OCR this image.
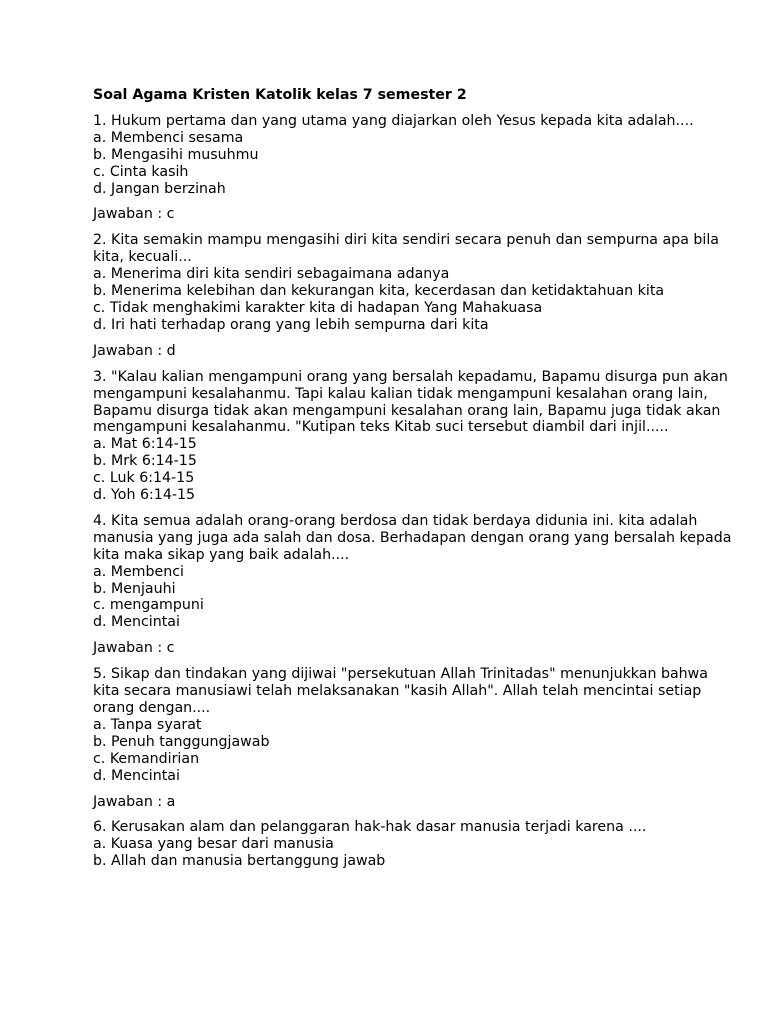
Soal Agama Kristen Katolik kelas 7 semester 2

1. Hukum pertama dan yang utama yang diajarkan oleh Yesus kepada kita adalah....

a. Membenci sesama

b. Mengasihi musuhmu

c. Cinta kasih

d. Jangan berzinah

Jawaban : c

2. Kita semakin mampu mengasihi diri kita sendiri secara penuh dan sempurna apa bila kita, kecuali...

a. Menerima diri kita sendiri sebagaimana adanya

b. Menerima kelebihan dan kekurangan kita, kecerdasan dan ketidaktahuan kita

c. Tidak menghakimi karakter kita di hadapan Yang Mahakuasa

d. Iri hati terhadap orang yang lebih sempurna dari kita

Jawaban : d

3. "Kalau kalian mengampuni orang yang bersalah kepadamu, Bapamu disurga pun akan mengampuni kesalahanmu. Tapi kalau kalian tidak mengampuni kesalahan orang lain, Bapamu disurga tidak akan mengampuni kesalahan orang lain, Bapamu juga tidak akan mengampuni kesalahanmu. "Kutipan teks Kitab suci tersebut diambil dari injil.....

a. Mat 6:14-15

b. Mrk 6:14-15

c. Luk 6:14-15

d. Yoh 6:14-15

4. Kita semua adalah orang-orang berdosa dan tidak berdaya didunia ini. kita adalah manusia yang juga ada salah dan dosa. Berhadapan dengan orang yang bersalah kepada kita maka sikap yang baik adalah....

a. Membenci

b. Menjauhi

c. mengampuni

d. Mencintai

Jawaban : c

5. Sikap dan tindakan yang dijiwai "persekutuan Allah Trinitadas" menunjukkan bahwa kita secara manusiawi telah melaksanakan "kasih Allah". Allah telah mencintai setiap orang dengan....

a. Tanpa syarat

b. Penuh tanggungjawab

c. Kemandirian

d. Mencintai

Jawaban : a

6. Kerusakan alam dan pelanggaran hak-hak dasar manusia terjadi karena ....

a. Kuasa yang besar dari manusia

b. Allah dan manusia bertanggung jawab
